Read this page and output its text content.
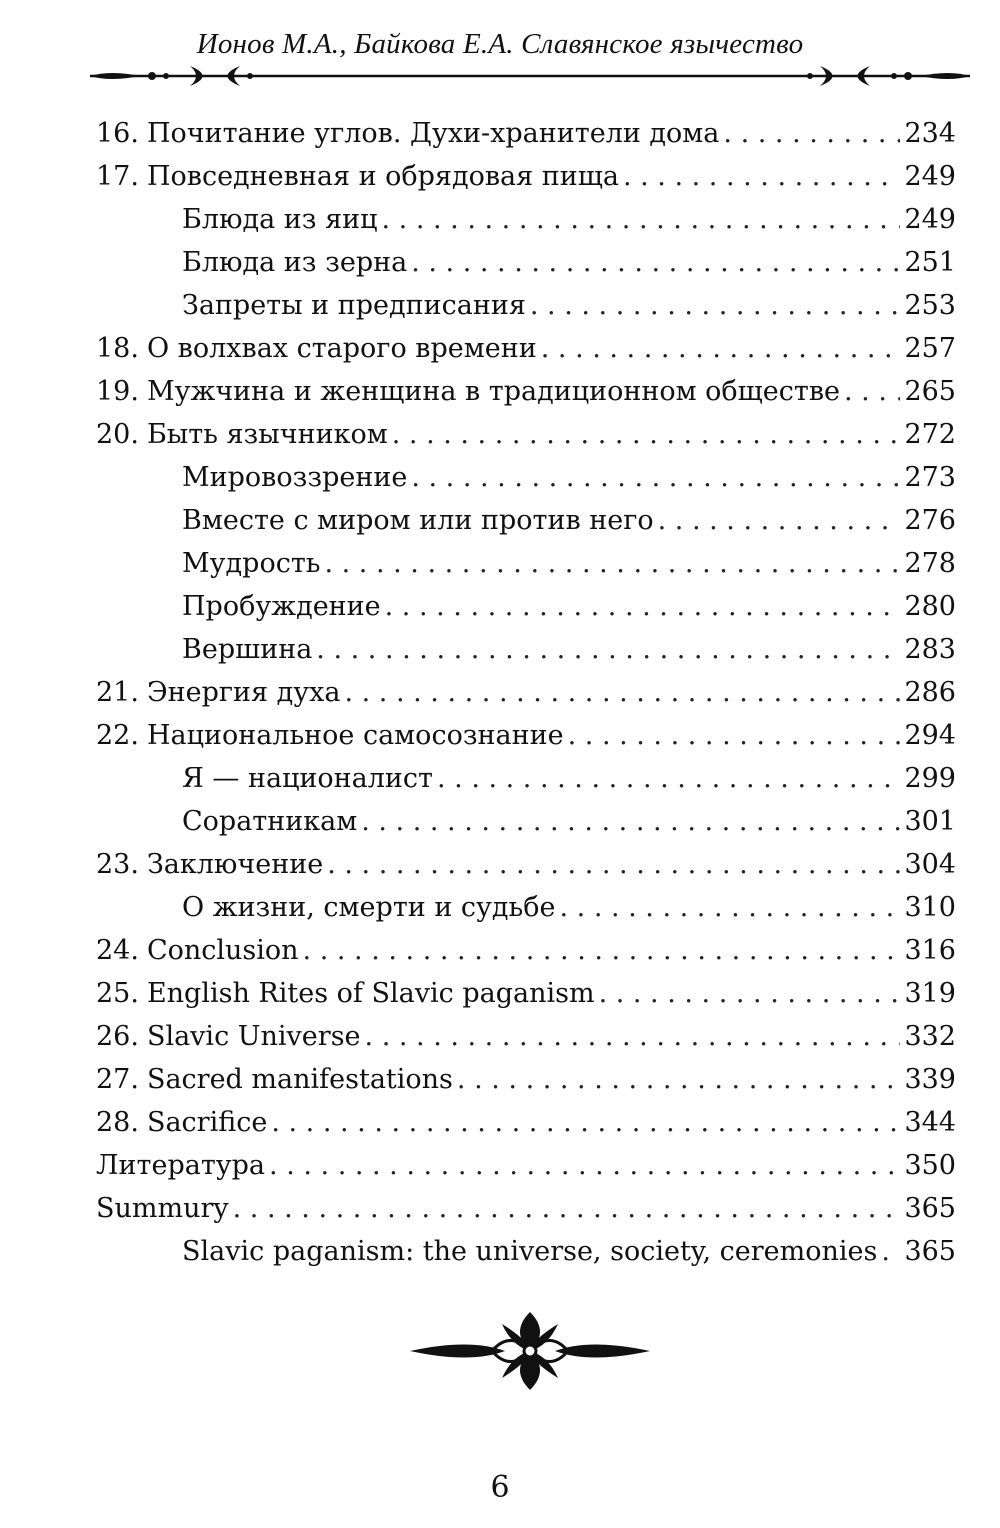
Ионов М.А., Байкова Е.А. Славянское язычество
16. Почитание углов. Духи-хранители дома . . .	234
17. Повседневная и обрядовая пища . . .	249
Блюда из яиц . . .	249
Блюда из зерна . . .	251
Запреты и предписания . . .	253
18. О волхвах старого времени . . .	257
19. Мужчина и женщина в традиционном обществе . . . 265
20. Быть язычником . . .	272
Мировоззрение . . .	273
Вместе с миром или против него . . .	276
Мудрость . . .	278
Пробуждение . . .	280
Вершина . . .	283
21. Энергия духа . . .	286
22. Национальное самосознание . . .	294
Я — националист . . .	299
Соратникам . . .	301
23. Заключение . . .	304
О жизни, смерти и судьбе . . .	310
24. Conclusion . . .	316
25. English Rites of Slavic paganism . . .	319
26. Slavic Universe . . .	332
27. Sacred manifestations . . .	339
28. Sacrifice . . .	344
Литература . . .	350
Summury . . .	365
Slavic paganism: the universe, society, ceremonies . . . 365
6
